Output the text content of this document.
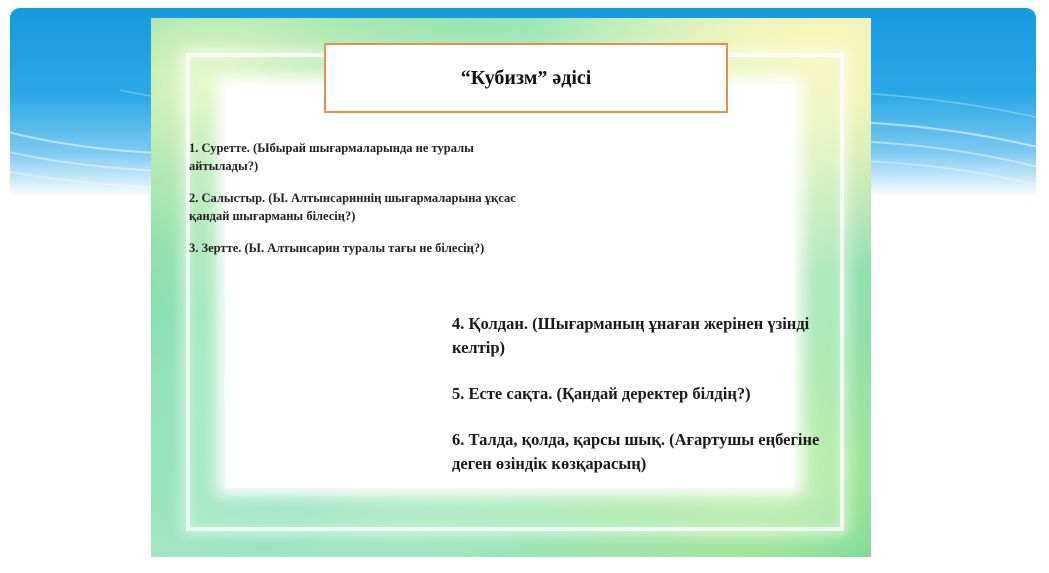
“Кубизм” әдісі

1. Суретте. (Ыбырай шығармаларында не туралы айтылады?)

2. Салыстыр. (Ы. Алтынсариннің шығармаларына ұқсас қандай шығарманы білесің?)

3. Зертте. (Ы. Алтынсарин туралы тағы не білесің?)

4. Қолдан. (Шығарманың ұнаған жерінен үзінді келтір)

5. Есте сақта. (Қандай деректер білдің?)

6. Талда, қолда, қарсы шық. (Ағартушы еңбегіне деген өзіндік көзқарасың)
